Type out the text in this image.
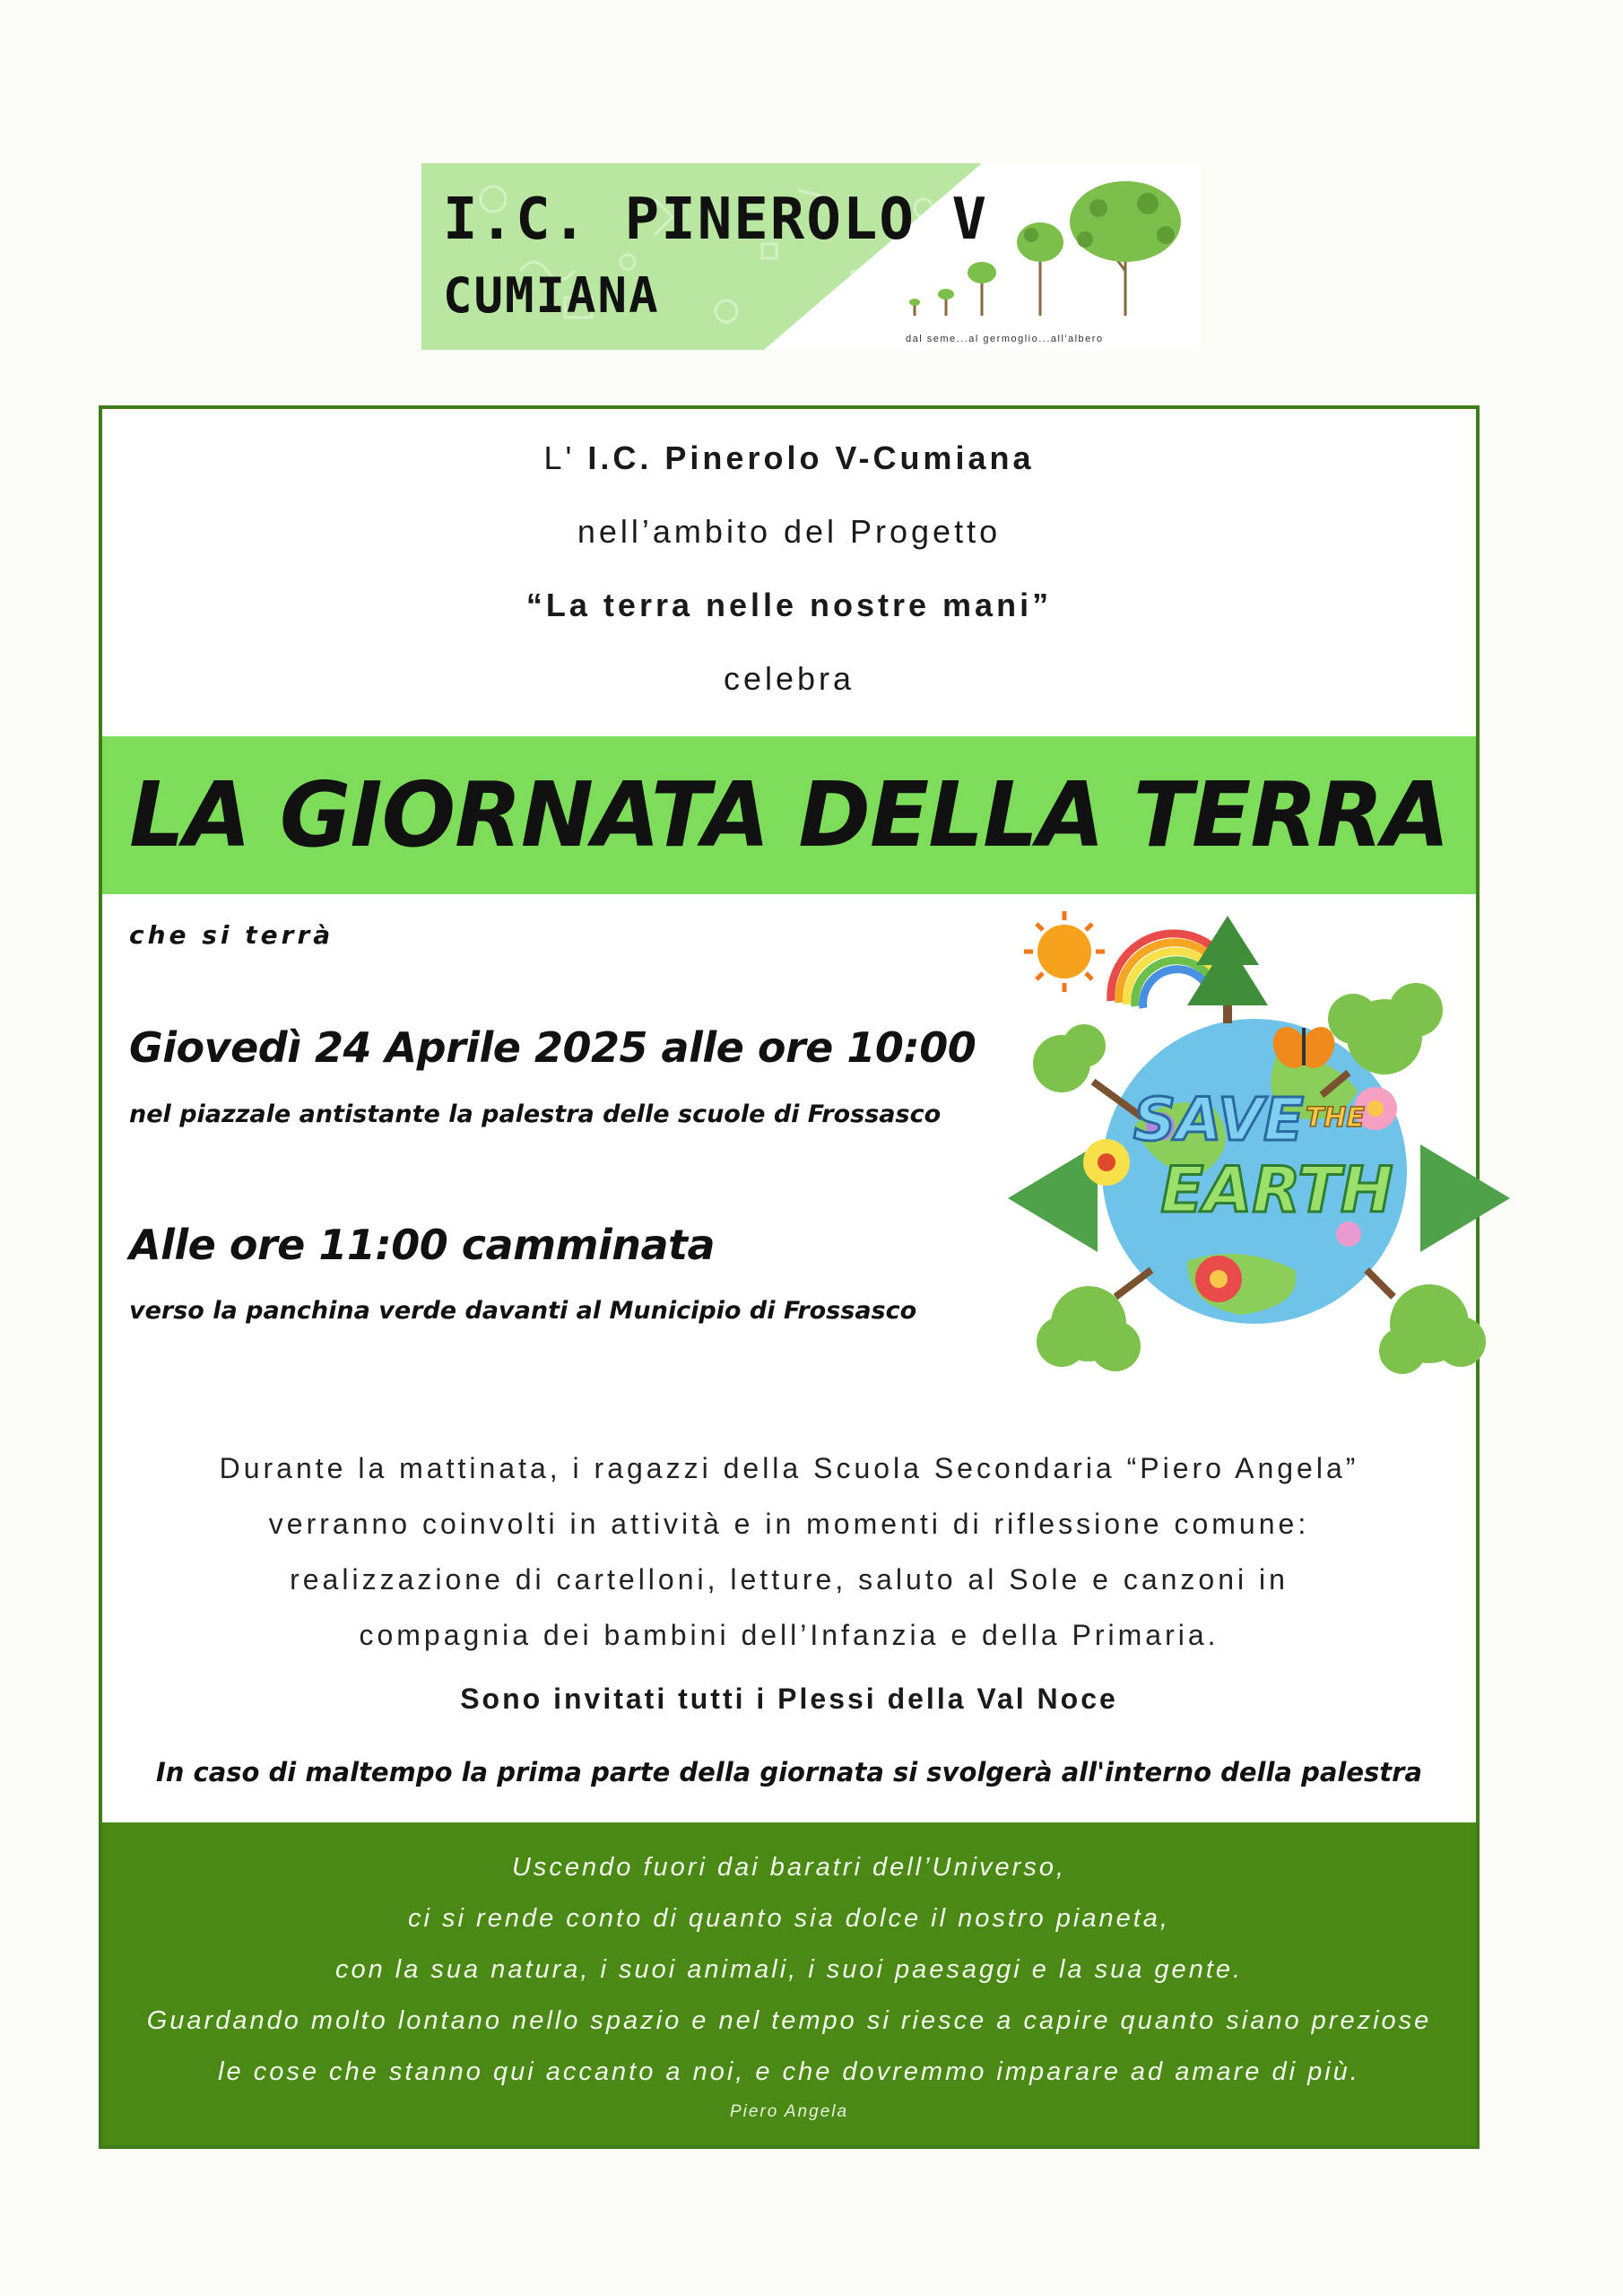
I.C. PINEROLO V
CUMIANA
dal seme...al germoglio...all'albero
L' I.C. Pinerolo V-Cumiana
nell’ambito del Progetto
“La terra nelle nostre mani”
celebra
LA GIORNATA DELLA TERRA
che si terrà
Giovedì 24 Aprile 2025 alle ore 10:00
nel piazzale antistante la palestra delle scuole di Frossasco
Alle ore 11:00 camminata
verso la panchina verde davanti al Municipio di Frossasco
SAVE THE
EARTH
Durante la mattinata, i ragazzi della Scuola Secondaria “Piero Angela”
verranno coinvolti in attività e in momenti di riflessione comune:
realizzazione di cartelloni, letture, saluto al Sole e canzoni in
compagnia dei bambini dell’Infanzia e della Primaria.
Sono invitati tutti i Plessi della Val Noce
In caso di maltempo la prima parte della giornata si svolgerà all'interno della palestra
Uscendo fuori dai baratri dell’Universo,
ci si rende conto di quanto sia dolce il nostro pianeta,
con la sua natura, i suoi animali, i suoi paesaggi e la sua gente.
Guardando molto lontano nello spazio e nel tempo si riesce a capire quanto siano preziose
le cose che stanno qui accanto a noi, e che dovremmo imparare ad amare di più.
Piero Angela
